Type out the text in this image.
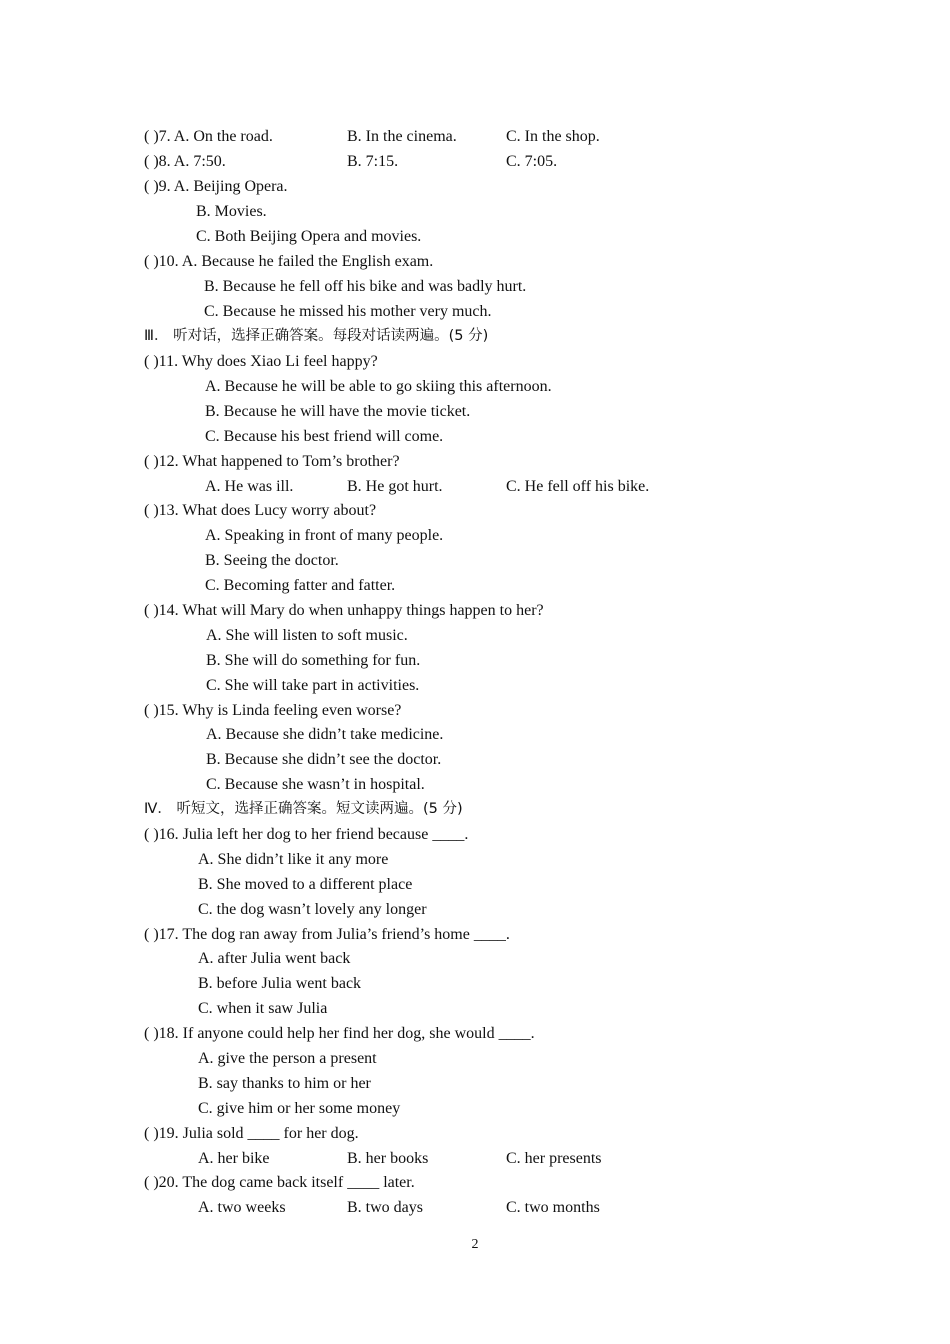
( )7. A. On the road.	B. In the cinema.	C. In the shop.
( )8. A. 7:50.	B. 7:15.	C. 7:05.
( )9. A. Beijing Opera.
B. Movies.
C. Both Beijing Opera and movies.
( )10. A. Because he failed the English exam.
B. Because he fell off his bike and was badly hurt.
C. Because he missed his mother very much.
Ⅲ． 听对话，选择正确答案。每段对话读两遍。(5 分)
( )11. Why does Xiao Li feel happy?
A. Because he will be able to go skiing this afternoon.
B. Because he will have the movie ticket.
C. Because his best friend will come.
( )12. What happened to Tom’s brother?
A. He was ill.	B. He got hurt.	C. He fell off his bike.
( )13. What does Lucy worry about?
A. Speaking in front of many people.
B. Seeing the doctor.
C. Becoming fatter and fatter.
( )14. What will Mary do when unhappy things happen to her?
A. She will listen to soft music.
B. She will do something for fun.
C. She will take part in activities.
( )15. Why is Linda feeling even worse?
A. Because she didn’t take medicine.
B. Because she didn’t see the doctor.
C. Because she wasn’t in hospital.
Ⅳ． 听短文，选择正确答案。短文读两遍。(5 分)
( )16. Julia left her dog to her friend because ____.
A. She didn’t like it any more
B. She moved to a different place
C. the dog wasn’t lovely any longer
( )17. The dog ran away from Julia’s friend’s home ____.
A. after Julia went back
B. before Julia went back
C. when it saw Julia
( )18. If anyone could help her find her dog, she would ____.
A. give the person a present
B. say thanks to him or her
C. give him or her some money
( )19. Julia sold ____ for her dog.
A. her bike	B. her books	C. her presents
( )20. The dog came back itself ____ later.
A. two weeks	B. two days	C. two months
2
